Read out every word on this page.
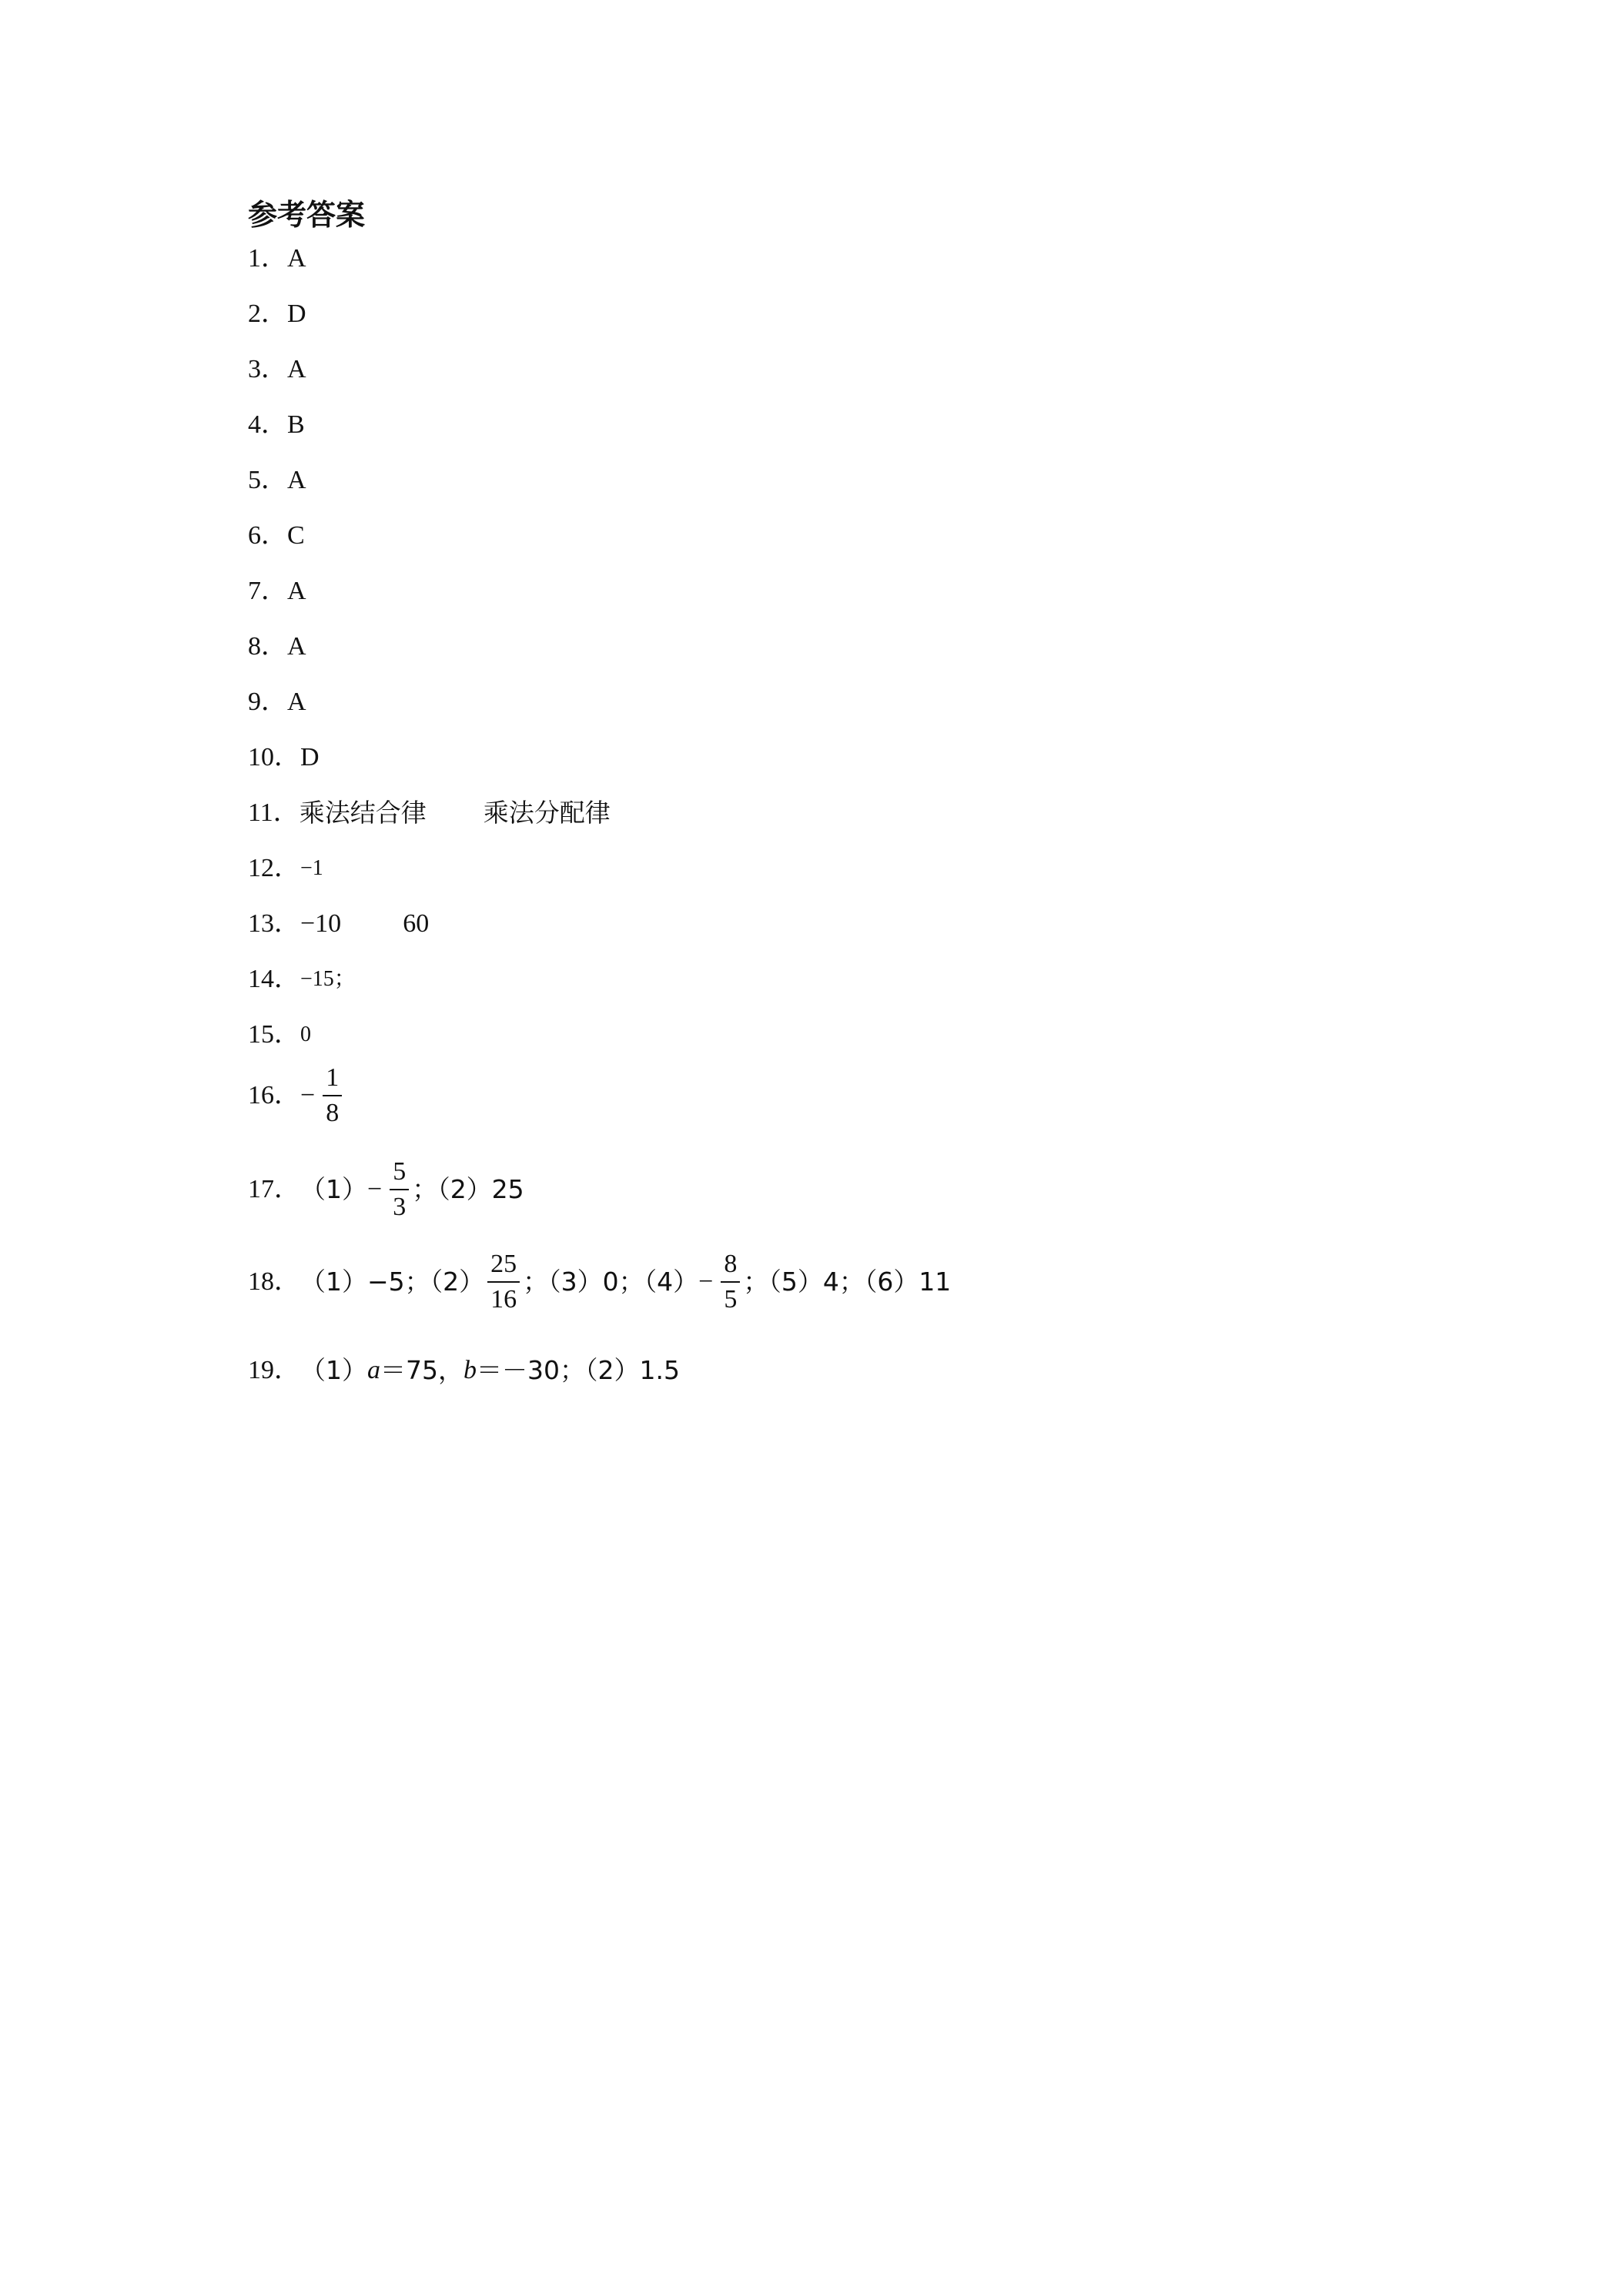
参考答案
1． A
2． D
3． A
4． B
5． A
6． C
7． A
8． A
9． A
10． D
11． 乘法结合律 乘法分配律
12． −1
13． −10 60
14． −15；
15． 0
16． − $\frac{1}{8}$
17． $(1) - \frac{5}{3}$ ；（2）25
18． （1）−5；$(2) \frac{25}{16}$ ；（3）0；$(4) - \frac{8}{5}$ ；（5）4；（6）11
19． （1） a ＝75， b ＝－30；（2）1.5
